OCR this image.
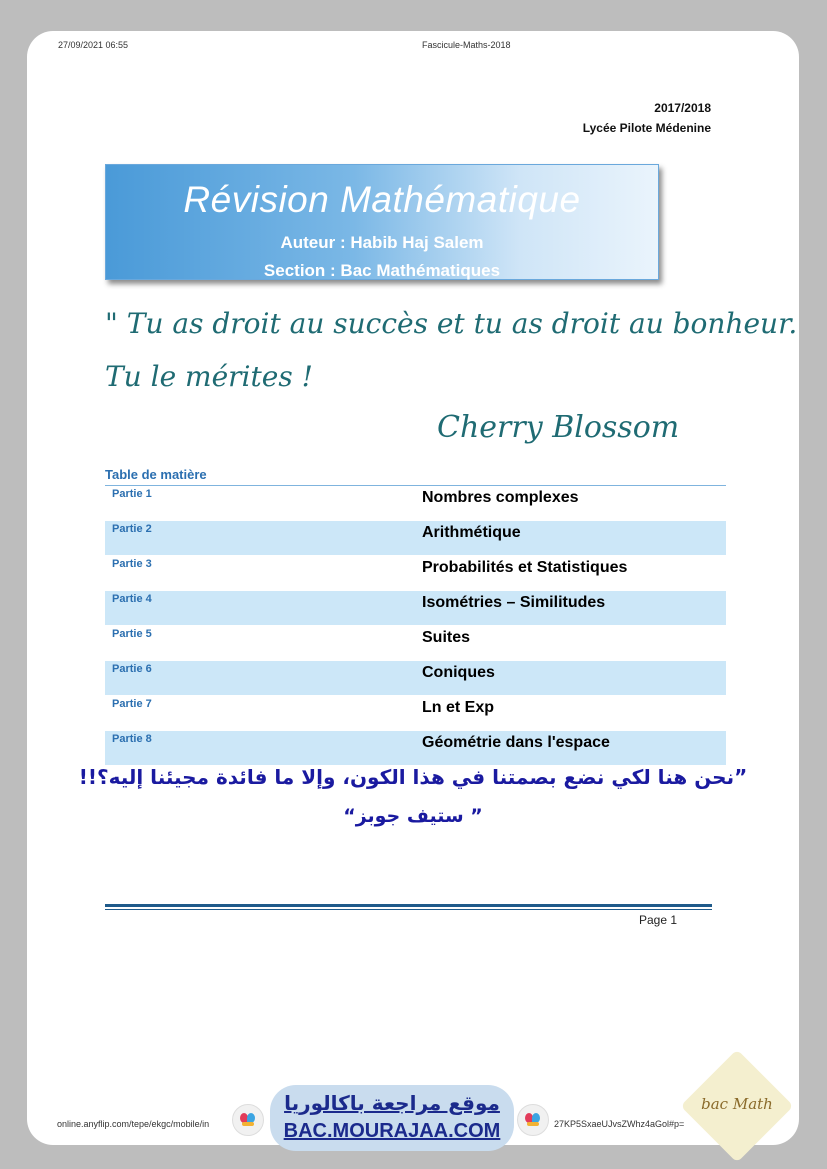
27/09/2021 06:55	Fascicule-Maths-2018
2017/2018
Lycée Pilote Médenine
Révision Mathématique
Auteur : Habib Haj Salem
Section : Bac Mathématiques
" Tu as droit au succès et tu as droit au bonheur.
Tu le mérites !
Cherry Blossom
Table de matière
Partie 1	Nombres complexes
Partie 2	Arithmétique
Partie 3	Probabilités et Statistiques
Partie 4	Isométries – Similitudes
Partie 5	Suites
Partie 6	Coniques
Partie 7	Ln et Exp
Partie 8	Géométrie dans l'espace
”نحن هنا لكي نضع بصمتنا في هذا الكون، وإلا ما فائدة مجيئنا إليه؟!!
” ستيف جوبز“
Page 1
online.anyflip.com/tepe/ekgc/mobile/in	27KP5SxaeUJvsZWhz4aGol#p=
موقع مراجعة باكالوريا
BAC.MOURAJAA.COM
bac Math
